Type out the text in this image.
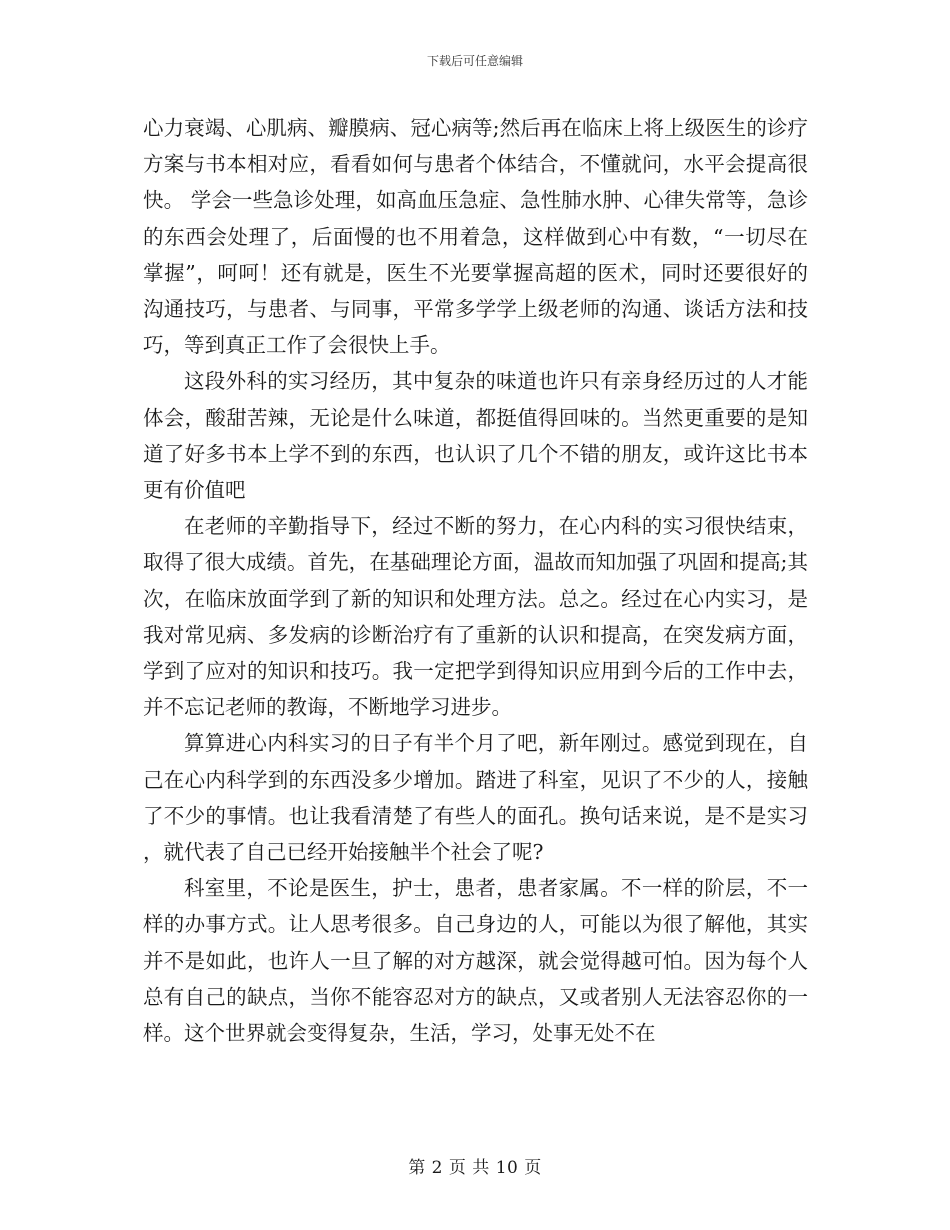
下载后可任意编辑

心力衰竭、心肌病、瓣膜病、冠心病等;然后再在临床上将上级医生的诊疗方案与书本相对应，看看如何与患者个体结合，不懂就问，水平会提高很快。 学会一些急诊处理，如高血压急症、急性肺水肿、心律失常等，急诊的东西会处理了，后面慢的也不用着急，这样做到心中有数，“一切尽在掌握”，呵呵！还有就是，医生不光要掌握高超的医术，同时还要很好的沟通技巧，与患者、与同事，平常多学学上级老师的沟通、谈话方法和技巧，等到真正工作了会很快上手。

这段外科的实习经历，其中复杂的味道也许只有亲身经历过的人才能体会，酸甜苦辣，无论是什么味道，都挺值得回味的。当然更重要的是知道了好多书本上学不到的东西，也认识了几个不错的朋友，或许这比书本更有价值吧

在老师的辛勤指导下，经过不断的努力，在心内科的实习很快结束，取得了很大成绩。首先，在基础理论方面，温故而知加强了巩固和提高;其次，在临床放面学到了新的知识和处理方法。总之。经过在心内实习，是我对常见病、多发病的诊断治疗有了重新的认识和提高，在突发病方面，学到了应对的知识和技巧。我一定把学到得知识应用到今后的工作中去，并不忘记老师的教诲，不断地学习进步。

算算进心内科实习的日子有半个月了吧，新年刚过。感觉到现在，自己在心内科学到的东西没多少增加。踏进了科室，见识了不少的人，接触了不少的事情。也让我看清楚了有些人的面孔。换句话来说，是不是实习，就代表了自己已经开始接触半个社会了呢?

科室里，不论是医生，护士，患者，患者家属。不一样的阶层，不一样的办事方式。让人思考很多。自己身边的人，可能以为很了解他，其实并不是如此，也许人一旦了解的对方越深，就会觉得越可怕。因为每个人总有自己的缺点，当你不能容忍对方的缺点，又或者别人无法容忍你的一样。这个世界就会变得复杂，生活，学习，处事无处不在

第 2 页 共 10 页
